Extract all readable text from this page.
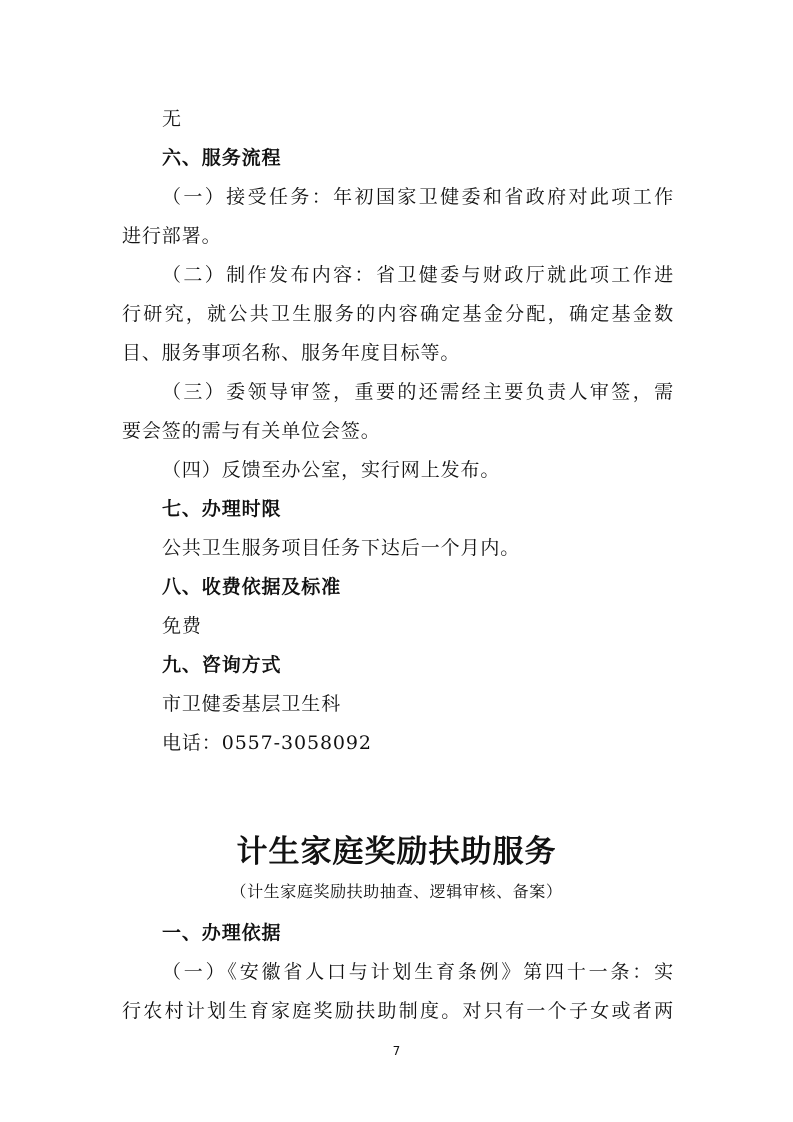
无
六、服务流程
（一）接受任务：年初国家卫健委和省政府对此项工作
进行部署。
（二）制作发布内容：省卫健委与财政厅就此项工作进
行研究，就公共卫生服务的内容确定基金分配，确定基金数
目、服务事项名称、服务年度目标等。
（三）委领导审签，重要的还需经主要负责人审签，需
要会签的需与有关单位会签。
（四）反馈至办公室，实行网上发布。
七、办理时限
公共卫生服务项目任务下达后一个月内。
八、收费依据及标准
免费
九、咨询方式
市卫健委基层卫生科
电话：0557-3058092
计生家庭奖励扶助服务
（计生家庭奖励扶助抽查、逻辑审核、备案）
一、办理依据
（一）《安徽省人口与计划生育条例》第四十一条：实
行农村计划生育家庭奖励扶助制度。对只有一个子女或者两
7
